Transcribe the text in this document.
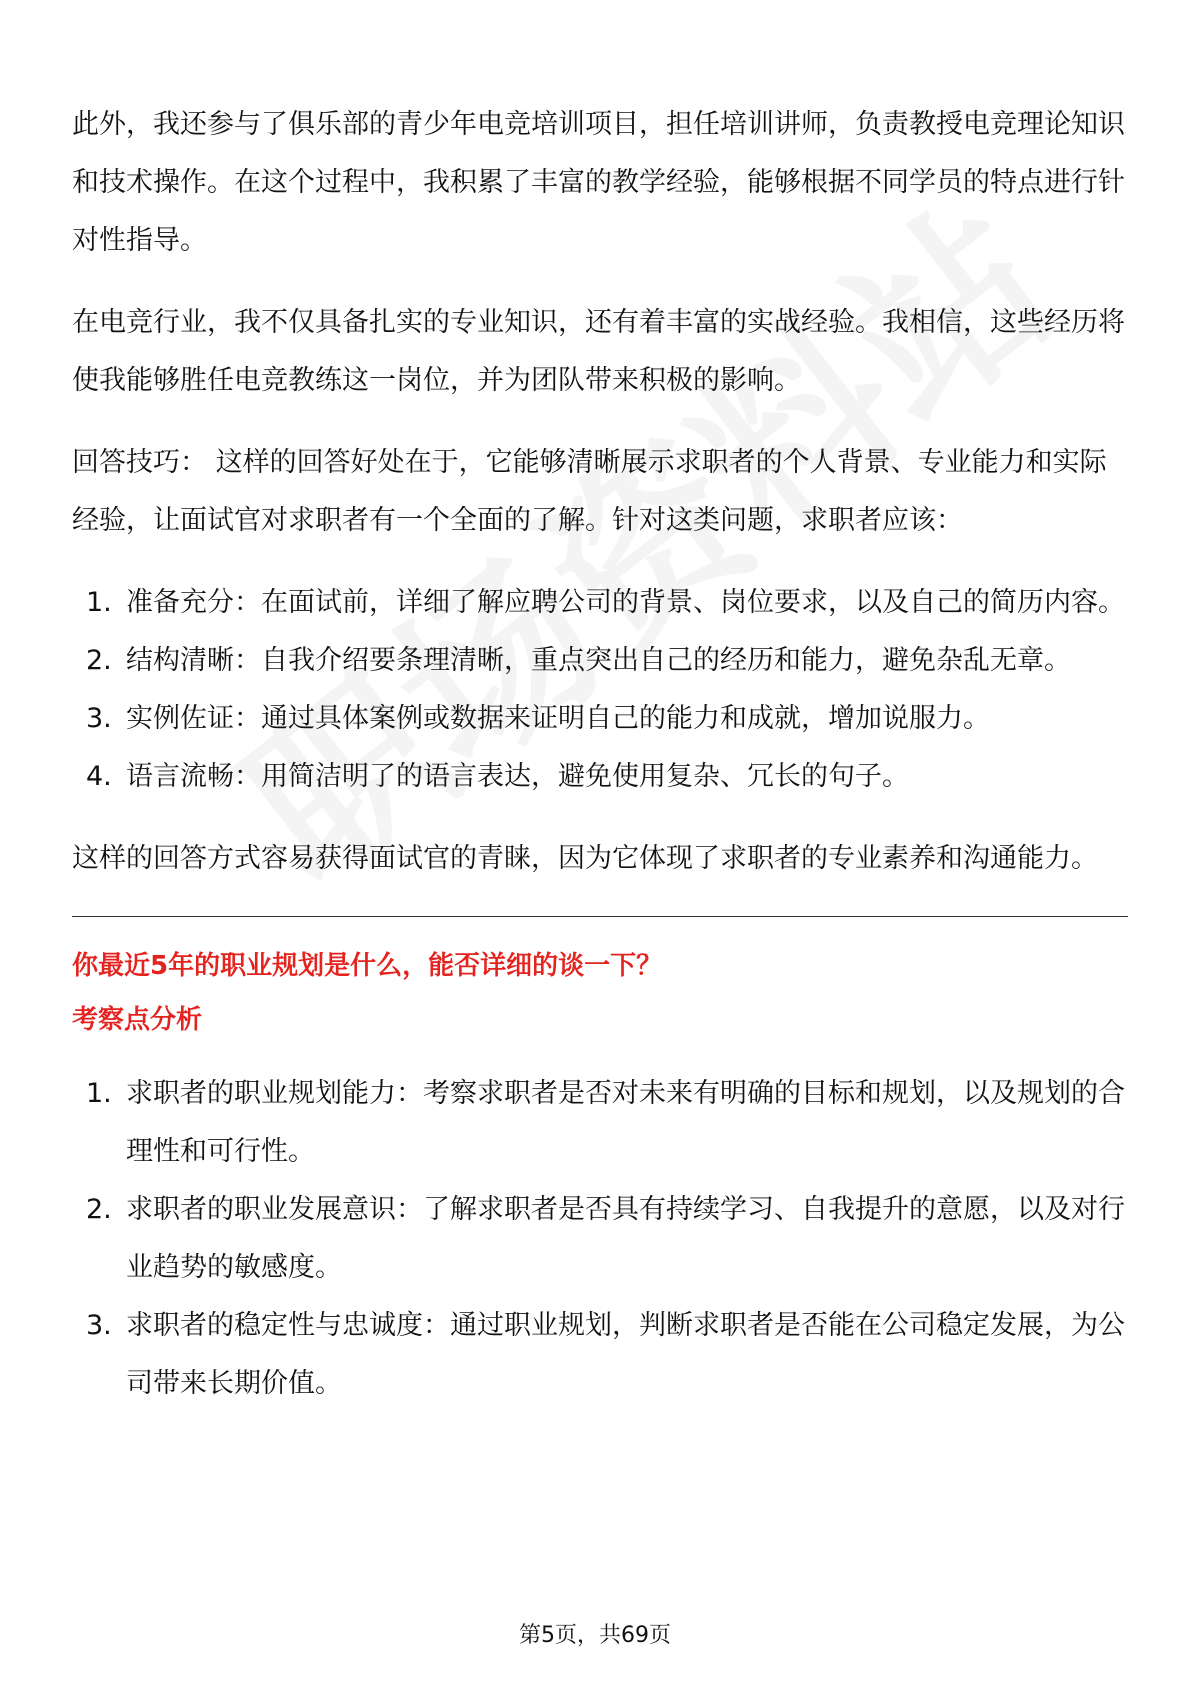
此外，我还参与了俱乐部的青少年电竞培训项目，担任培训讲师，负责教授电竞理论知识和技术操作。在这个过程中，我积累了丰富的教学经验，能够根据不同学员的特点进行针对性指导。

在电竞行业，我不仅具备扎实的专业知识，还有着丰富的实战经验。我相信，这些经历将使我能够胜任电竞教练这一岗位，并为团队带来积极的影响。

回答技巧： 这样的回答好处在于，它能够清晰展示求职者的个人背景、专业能力和实际经验，让面试官对求职者有一个全面的了解。针对这类问题，求职者应该：

1. 准备充分：在面试前，详细了解应聘公司的背景、岗位要求，以及自己的简历内容。
2. 结构清晰：自我介绍要条理清晰，重点突出自己的经历和能力，避免杂乱无章。
3. 实例佐证：通过具体案例或数据来证明自己的能力和成就，增加说服力。
4. 语言流畅：用简洁明了的语言表达，避免使用复杂、冗长的句子。

这样的回答方式容易获得面试官的青睐，因为它体现了求职者的专业素养和沟通能力。

你最近5年的职业规划是什么，能否详细的谈一下？

考察点分析

1. 求职者的职业规划能力：考察求职者是否对未来有明确的目标和规划，以及规划的合理性和可行性。
2. 求职者的职业发展意识：了解求职者是否具有持续学习、自我提升的意愿，以及对行业趋势的敏感度。
3. 求职者的稳定性与忠诚度：通过职业规划，判断求职者是否能在公司稳定发展，为公司带来长期价值。
第5页，共69页
